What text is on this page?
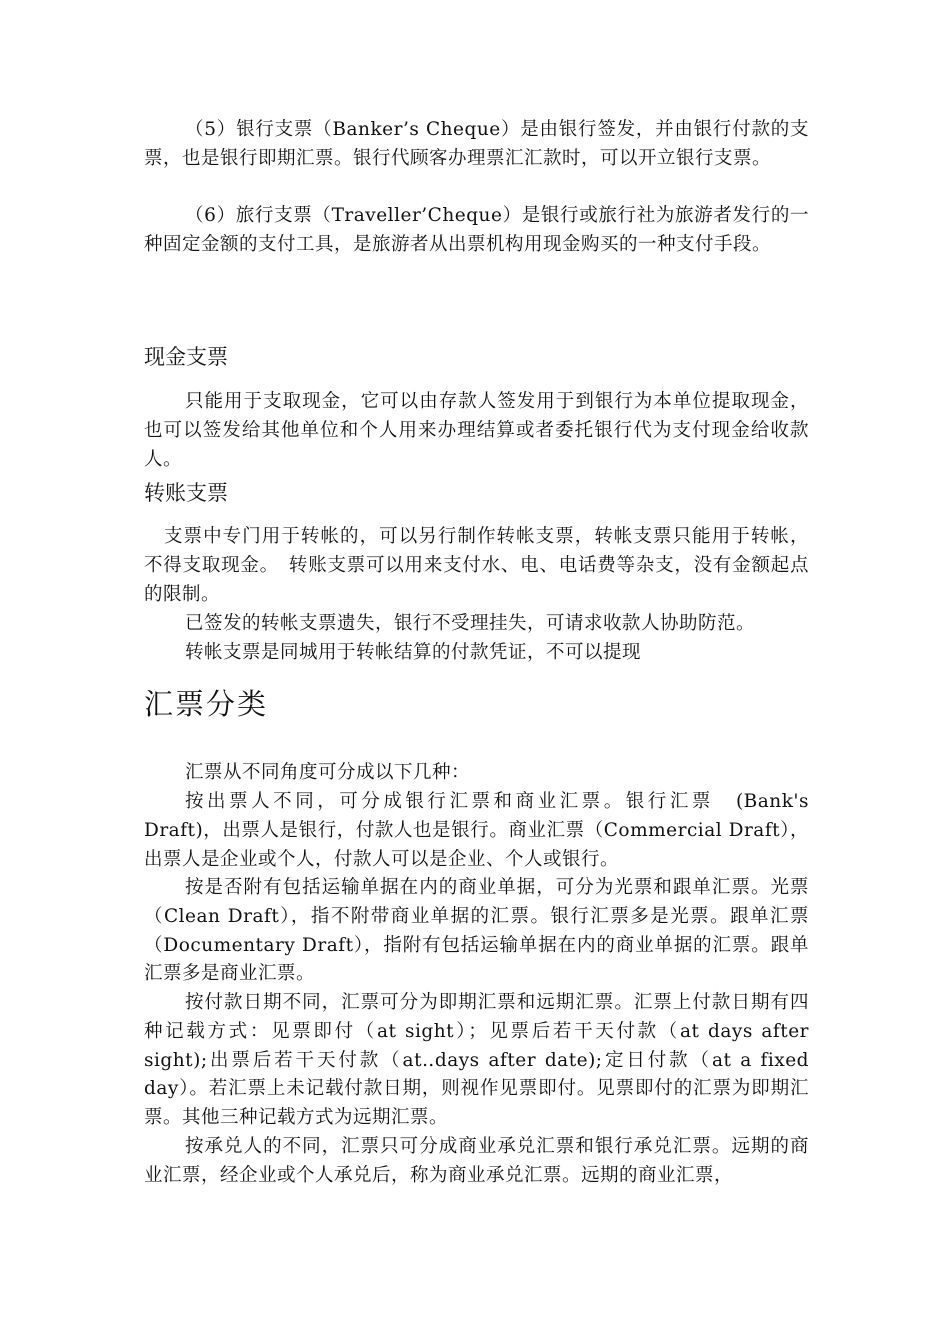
（5）银行支票（Banker’s Cheque）是由银行签发，并由银行付款的支票，也是银行即期汇票。银行代顾客办理票汇汇款时，可以开立银行支票。

（6）旅行支票（Traveller’Cheque）是银行或旅行社为旅游者发行的一种固定金额的支付工具，是旅游者从出票机构用现金购买的一种支付手段。

现金支票

只能用于支取现金，它可以由存款人签发用于到银行为本单位提取现金，也可以签发给其他单位和个人用来办理结算或者委托银行代为支付现金给收款人。

转账支票

支票中专门用于转帐的，可以另行制作转帐支票，转帐支票只能用于转帐，不得支取现金。　转账支票可以用来支付水、电、电话费等杂支，没有金额起点的限制。

已签发的转帐支票遗失，银行不受理挂失，可请求收款人协助防范。

转帐支票是同城用于转帐结算的付款凭证，不可以提现

汇票分类

汇票从不同角度可分成以下几种：

按出票人不同，可分成银行汇票和商业汇票。银行汇票　(Bank's Draft)，出票人是银行，付款人也是银行。商业汇票（Commercial Draft），出票人是企业或个人，付款人可以是企业、个人或银行。

按是否附有包括运输单据在内的商业单据，可分为光票和跟单汇票。光票（Clean Draft），指不附带商业单据的汇票。银行汇票多是光票。跟单汇票（Documentary Draft），指附有包括运输单据在内的商业单据的汇票。跟单汇票多是商业汇票。

按付款日期不同，汇票可分为即期汇票和远期汇票。汇票上付款日期有四种记载方式：见票即付（at sight）；见票后若干天付款（at days after sight);出票后若干天付款（at‥days after date);定日付款（at a fixed day）。若汇票上未记载付款日期，则视作见票即付。见票即付的汇票为即期汇票。其他三种记载方式为远期汇票。

按承兑人的不同，汇票只可分成商业承兑汇票和银行承兑汇票。远期的商业汇票，经企业或个人承兑后，称为商业承兑汇票。远期的商业汇票，
